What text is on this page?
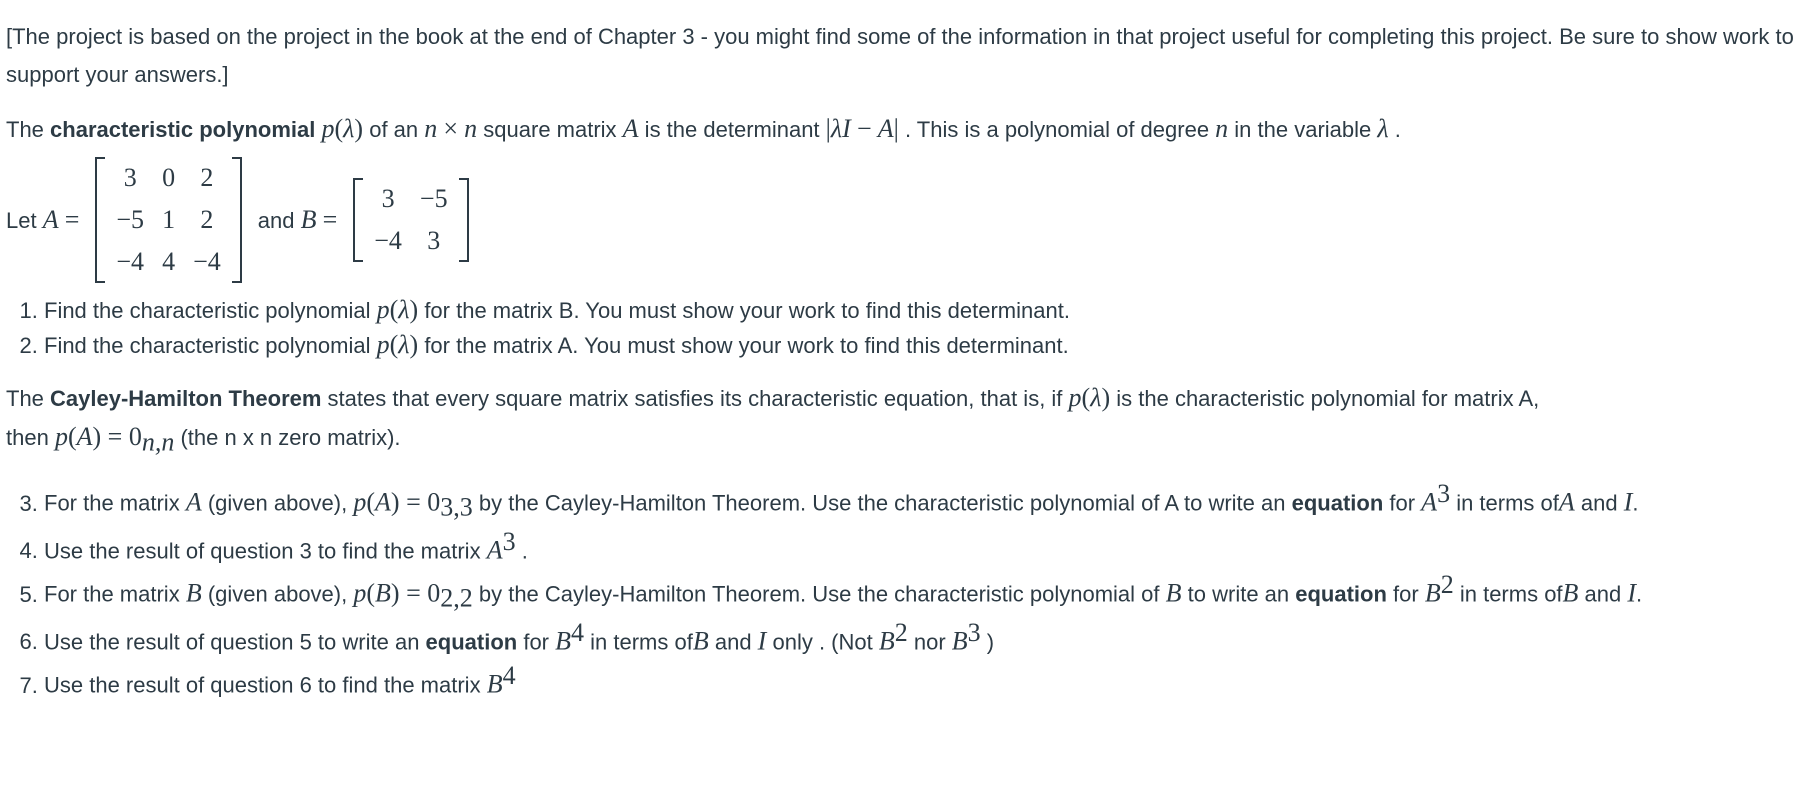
[The project is based on the project in the book at the end of Chapter 3 - you might find some of the information in that project useful for completing this project. Be sure to show work to support your answers.]

The characteristic polynomial p(λ) of an n × n square matrix A is the determinant |λI − A| . This is a polynomial of degree n in the variable λ .

Let A =
3	0	2
−5	1	2
−4	4	−4
and B =
3	−5
−4	3
1. Find the characteristic polynomial p(λ) for the matrix B. You must show your work to find this determinant.
2. Find the characteristic polynomial p(λ) for the matrix A. You must show your work to find this determinant.

The Cayley-Hamilton Theorem states that every square matrix satisfies its characteristic equation, that is, if p(λ) is the characteristic polynomial for matrix A,
then $p(A) = 0_{n,n}$ (the n x n zero matrix).

3. For the matrix A (given above), $p(A) = 0_{3,3}$ by the Cayley-Hamilton Theorem. Use the characteristic polynomial of A to write an equation for $A^3$ in terms ofA and I.
4. Use the result of question 3 to find the matrix $A^3$ .
5. For the matrix B (given above), $p(B) = 0_{2,2}$ by the Cayley-Hamilton Theorem. Use the characteristic polynomial of B to write an equation for $B^2$ in terms ofB and I.
6. Use the result of question 5 to write an equation for $B^4$ in terms ofB and I only . (Not $B^2$ nor $B^3$ )
7. Use the result of question 6 to find the matrix $B^4$
